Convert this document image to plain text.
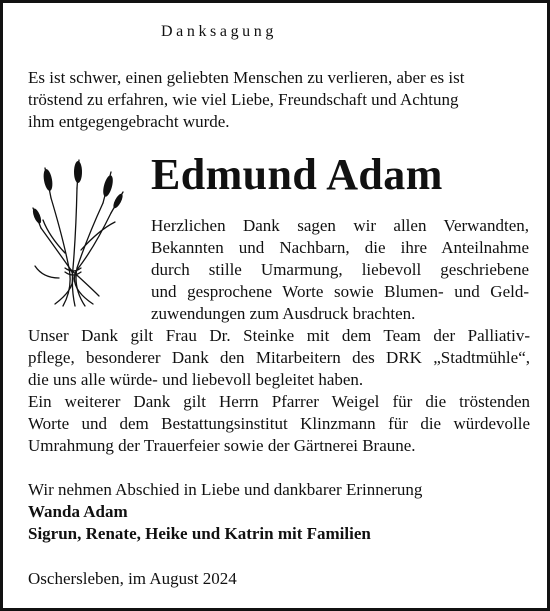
Danksagung
Es ist schwer, einen geliebten Menschen zu verlieren, aber es ist
tröstend zu erfahren, wie viel Liebe, Freundschaft und Achtung
ihm entgegengebracht wurde.
Edmund Adam
Herzlichen Dank sagen wir allen Verwandten,
Bekannten und Nachbarn, die ihre Anteilnahme
durch stille Umarmung, liebevoll geschriebene
und gesprochene Worte sowie Blumen- und Geld-
zuwendungen zum Ausdruck brachten.
Unser Dank gilt Frau Dr. Steinke mit dem Team der Palliativ-
pflege, besonderer Dank den Mitarbeitern des DRK „Stadtmühle“,
die uns alle würde- und liebevoll begleitet haben.
Ein weiterer Dank gilt Herrn Pfarrer Weigel für die tröstenden
Worte und dem Bestattungsinstitut Klinzmann für die würdevolle
Umrahmung der Trauerfeier sowie der Gärtnerei Braune.
Wir nehmen Abschied in Liebe und dankbarer Erinnerung
Wanda Adam
Sigrun, Renate, Heike und Katrin mit Familien
Oschersleben, im August 2024
